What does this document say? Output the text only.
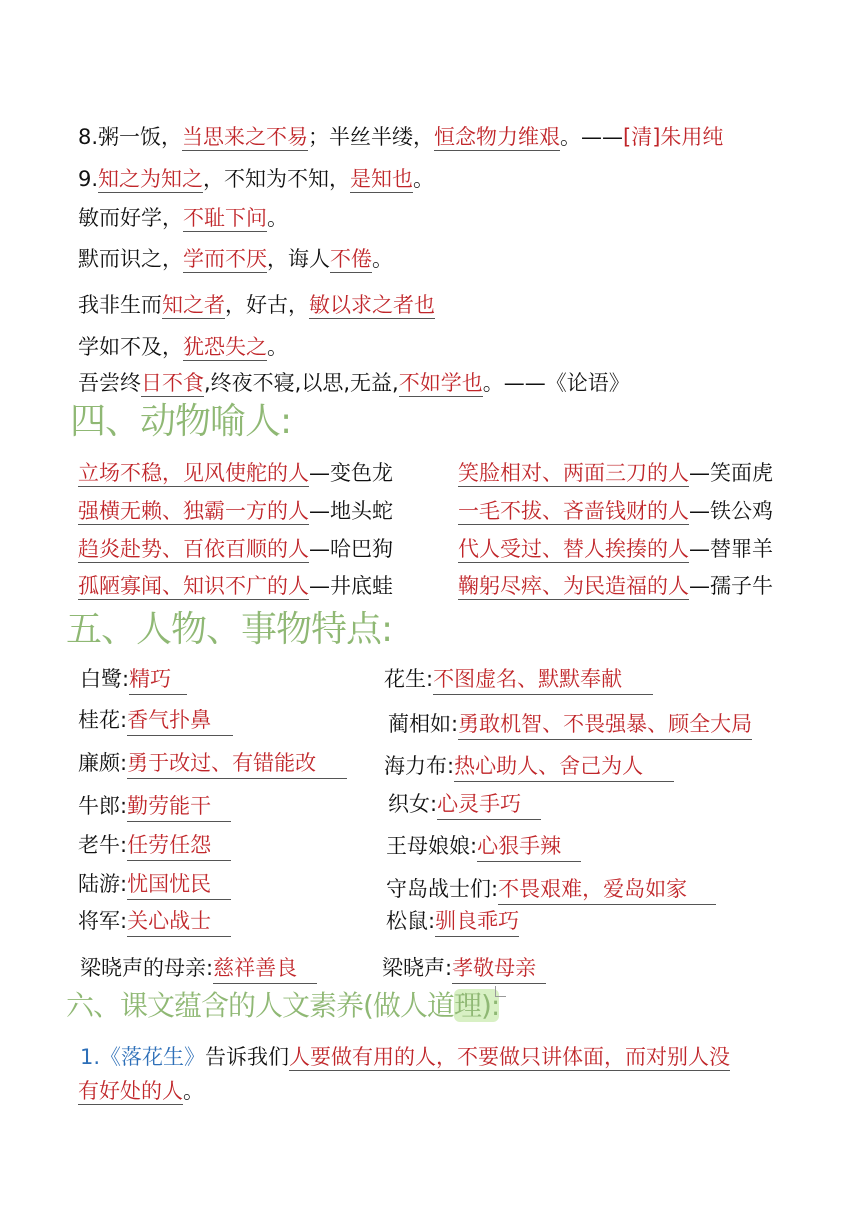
8.粥一饭，当思来之不易；半丝半缕，恒念物力维艰。——[清]朱用纯
9.知之为知之，不知为不知，是知也。
敏而好学，不耻下问。
默而识之，学而不厌，诲人不倦。
我非生而知之者，好古，敏以求之者也
学如不及，犹恐失之。
吾尝终日不食,终夜不寝,以思,无益,不如学也。——《论语》
四、动物喻人:
立场不稳，见风使舵的人—变色龙	笑脸相对、两面三刀的人—笑面虎
强横无赖、独霸一方的人—地头蛇	一毛不拔、吝啬钱财的人—铁公鸡
趋炎赴势、百依百顺的人—哈巴狗	代人受过、替人挨揍的人—替罪羊
孤陋寡闻、知识不广的人—井底蛙	鞠躬尽瘁、为民造福的人—孺子牛
五、人物、事物特点:
白鹭:精巧	花生:不图虚名、默默奉献
桂花:香气扑鼻	蔺相如:勇敢机智、不畏强暴、顾全大局
廉颇:勇于改过、有错能改	海力布:热心助人、舍己为人
牛郎:勤劳能干	织女:心灵手巧
老牛:任劳任怨	王母娘娘:心狠手辣
陆游:忧国忧民	守岛战士们:不畏艰难，爱岛如家
将军:关心战士	松鼠:驯良乖巧
梁晓声的母亲:慈祥善良	梁晓声:孝敬母亲
六、课文蕴含的人文素养(做人道理):
1.《落花生》告诉我们人要做有用的人，不要做只讲体面，而对别人没
有好处的人。
